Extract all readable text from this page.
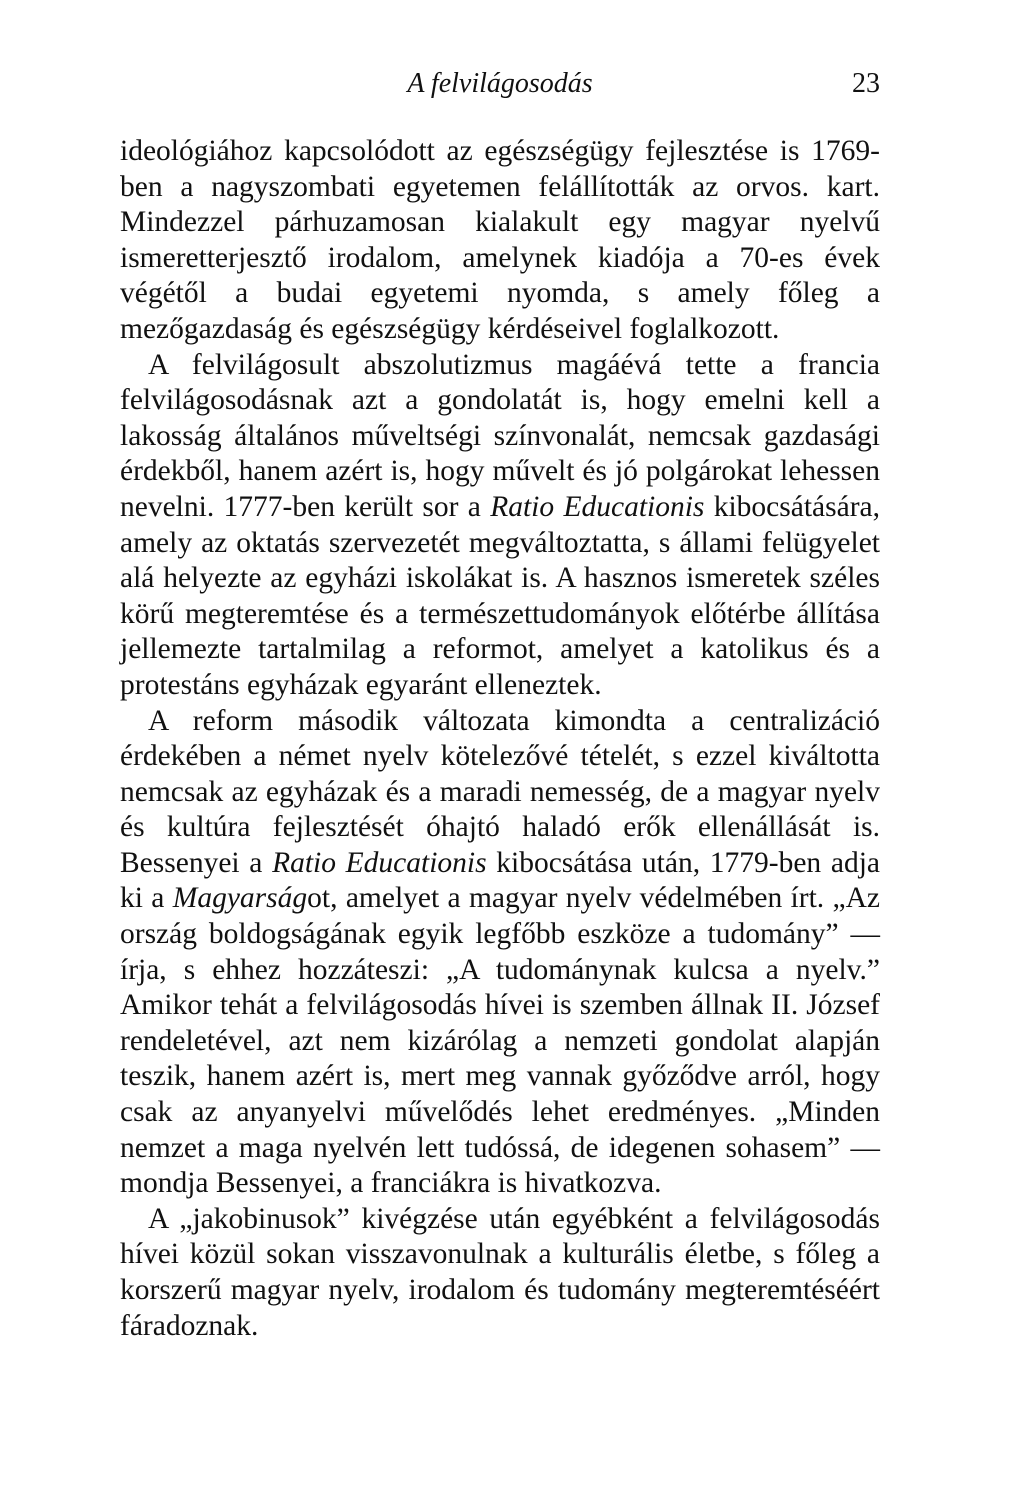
A felvilágosodás	23

ideológiához kapcsolódott az egészségügy fejlesztése is 1769-ben a nagyszombati egyetemen felállították az orvos. kart. Mindezzel párhuzamosan kialakult egy magyar nyelvű ismeretterjesztő irodalom, amelynek kiadója a 70-es évek végétől a budai egyetemi nyomda, s amely főleg a mezőgazdaság és egészségügy kérdéseivel foglalkozott.

A felvilágosult abszolutizmus magáévá tette a francia felvilágosodásnak azt a gondolatát is, hogy emelni kell a lakosság általános műveltségi színvonalát, nemcsak gazdasági érdekből, hanem azért is, hogy művelt és jó polgárokat lehessen nevelni. 1777-ben került sor a Ratio Educationis kibocsátására, amely az oktatás szervezetét megváltoztatta, s állami felügyelet alá helyezte az egyházi iskolákat is. A hasznos ismeretek széles körű megteremtése és a természettudományok előtérbe állítása jellemezte tartalmilag a reformot, amelyet a katolikus és a protestáns egyházak egyaránt elleneztek.

A reform második változata kimondta a centralizáció érdekében a német nyelv kötelezővé tételét, s ezzel kiváltotta nemcsak az egyházak és a maradi nemesség, de a magyar nyelv és kultúra fejlesztését óhajtó haladó erők ellenállását is. Bessenyei a Ratio Educationis kibocsátása után, 1779-ben adja ki a Magyarságot, amelyet a magyar nyelv védelmében írt. „Az ország boldogságának egyik legfőbb eszköze a tudomány” — írja, s ehhez hozzáteszi: „A tudománynak kulcsa a nyelv.” Amikor tehát a felvilágosodás hívei is szemben állnak II. József rendeletével, azt nem kizárólag a nemzeti gondolat alapján teszik, hanem azért is, mert meg vannak győződve arról, hogy csak az anyanyelvi művelődés lehet eredményes. „Minden nemzet a maga nyelvén lett tudóssá, de idegenen sohasem” — mondja Bessenyei, a franciákra is hivatkozva.

A „jakobinusok” kivégzése után egyébként a felvilágosodás hívei közül sokan visszavonulnak a kulturális életbe, s főleg a korszerű magyar nyelv, irodalom és tudomány megteremtéséért fáradoznak.
